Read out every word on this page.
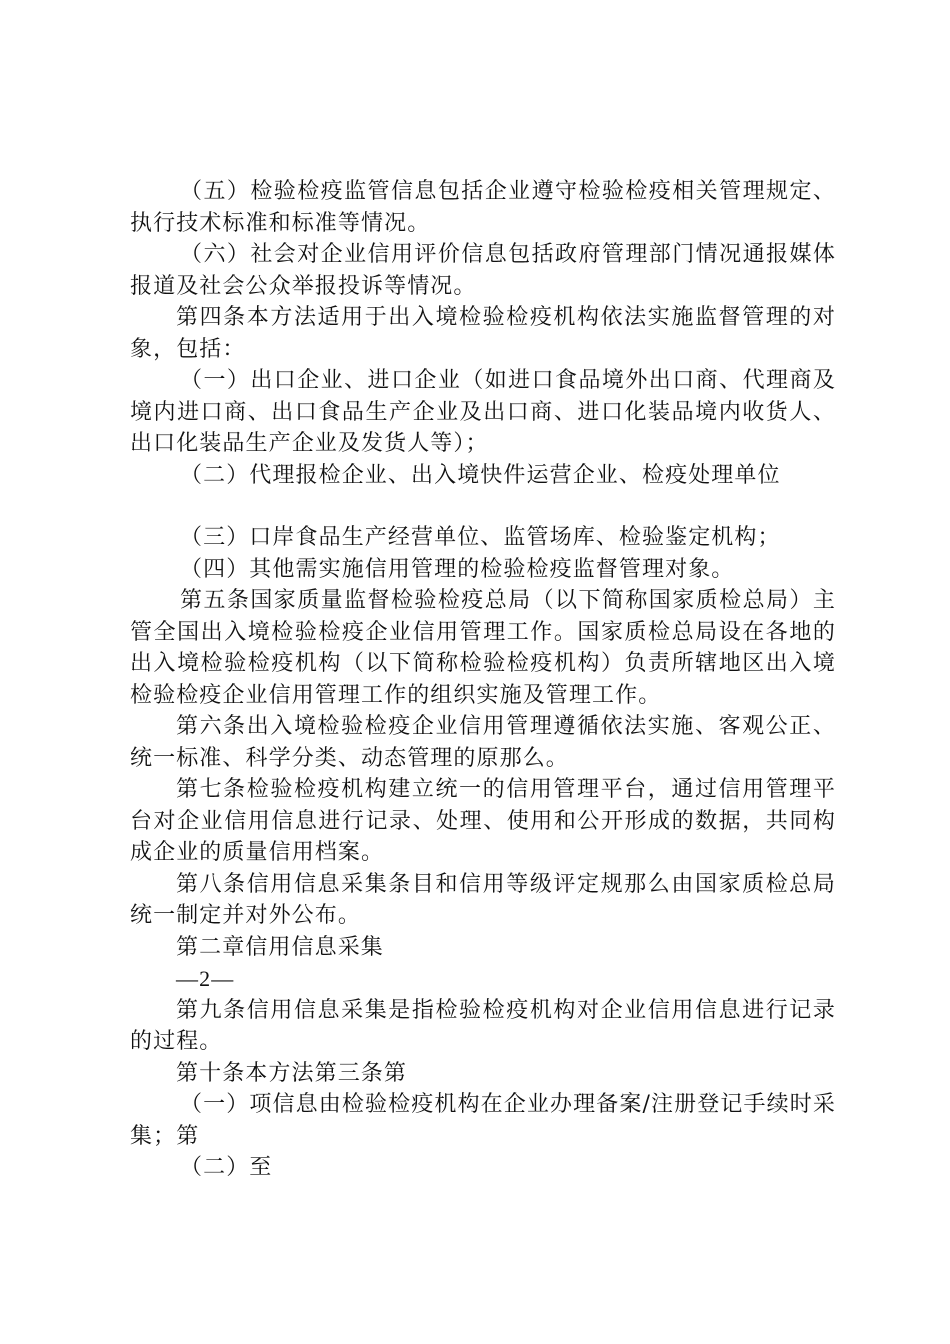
（五）检验检疫监管信息包括企业遵守检验检疫相关管理规定、执行技术标准和标准等情况。

（六）社会对企业信用评价信息包括政府管理部门情况通报媒体报道及社会公众举报投诉等情况。

第四条本方法适用于出入境检验检疫机构依法实施监督管理的对象，包括：

（一）出口企业、进口企业（如进口食品境外出口商、代理商及境内进口商、出口食品生产企业及出口商、进口化装品境内收货人、出口化装品生产企业及发货人等）；

（二）代理报检企业、出入境快件运营企业、检疫处理单位

（三）口岸食品生产经营单位、监管场库、检验鉴定机构；

（四）其他需实施信用管理的检验检疫监督管理对象。

第五条国家质量监督检验检疫总局（以下简称国家质检总局）主管全国出入境检验检疫企业信用管理工作。国家质检总局设在各地的出入境检验检疫机构（以下简称检验检疫机构）负责所辖地区出入境检验检疫企业信用管理工作的组织实施及管理工作。

第六条出入境检验检疫企业信用管理遵循依法实施、客观公正、统一标准、科学分类、动态管理的原那么。

第七条检验检疫机构建立统一的信用管理平台，通过信用管理平台对企业信用信息进行记录、处理、使用和公开形成的数据，共同构成企业的质量信用档案。

第八条信用信息采集条目和信用等级评定规那么由国家质检总局统一制定并对外公布。

第二章信用信息采集

—2—

第九条信用信息采集是指检验检疫机构对企业信用信息进行记录的过程。

第十条本方法第三条第

（一）项信息由检验检疫机构在企业办理备案/注册登记手续时采集；第

（二）至
